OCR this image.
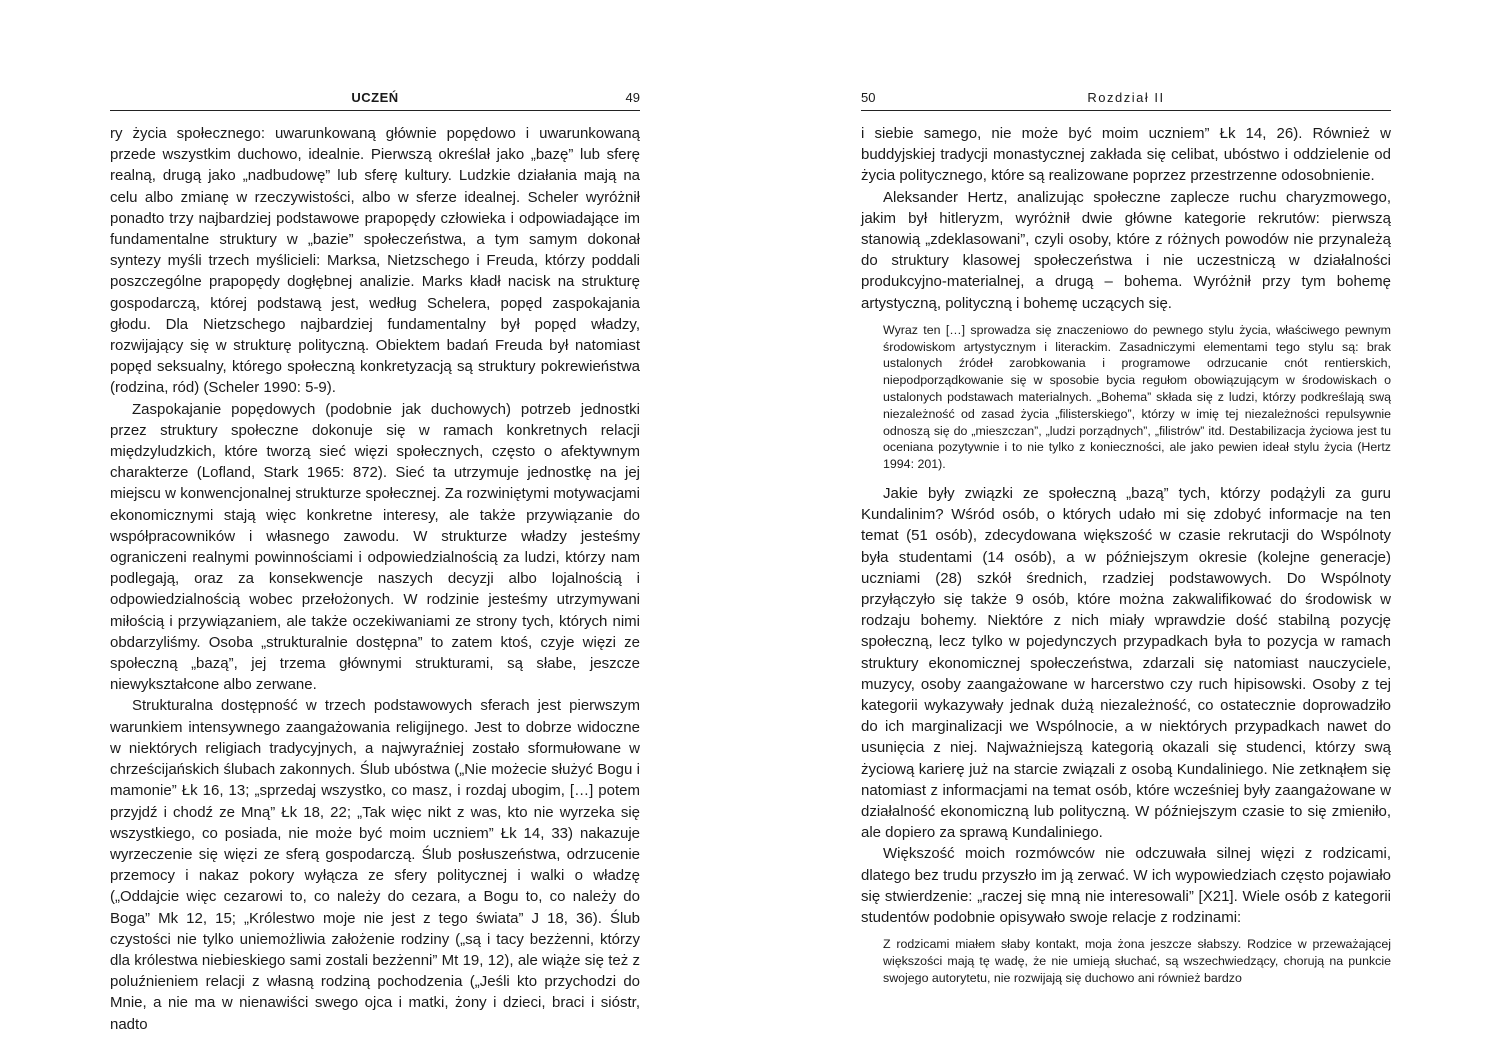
UCZEŃ	49

ry życia społecznego: uwarunkowaną głównie popędowo i uwarunkowaną przede wszystkim duchowo, idealnie. Pierwszą określał jako „bazę” lub sferę realną, drugą jako „nadbudowę” lub sferę kultury. Ludzkie działania mają na celu albo zmianę w rzeczywistości, albo w sferze idealnej. Scheler wyróżnił ponadto trzy najbardziej podstawowe prapopędy człowieka i odpowiadające im fundamentalne struktury w „bazie” społeczeństwa, a tym samym dokonał syntezy myśli trzech myślicieli: Marksa, Nietzschego i Freuda, którzy poddali poszczególne prapopędy dogłębnej analizie. Marks kładł nacisk na strukturę gospodarczą, której podstawą jest, według Schelera, popęd zaspokajania głodu. Dla Nietzschego najbardziej fundamentalny był popęd władzy, rozwijający się w strukturę polityczną. Obiektem badań Freuda był natomiast popęd seksualny, którego społeczną konkretyzacją są struktury pokrewieństwa (rodzina, ród) (Scheler 1990: 5-9).

Zaspokajanie popędowych (podobnie jak duchowych) potrzeb jednostki przez struktury społeczne dokonuje się w ramach konkretnych relacji międzyludzkich, które tworzą sieć więzi społecznych, często o afektywnym charakterze (Lofland, Stark 1965: 872). Sieć ta utrzymuje jednostkę na jej miejscu w konwencjonalnej strukturze społecznej. Za rozwiniętymi motywacjami ekonomicznymi stają więc konkretne interesy, ale także przywiązanie do współpracowników i własnego zawodu. W strukturze władzy jesteśmy ograniczeni realnymi powinnościami i odpowiedzialnością za ludzi, którzy nam podlegają, oraz za konsekwencje naszych decyzji albo lojalnością i odpowiedzialnością wobec przełożonych. W rodzinie jesteśmy utrzymywani miłością i przywiązaniem, ale także oczekiwaniami ze strony tych, których nimi obdarzyliśmy. Osoba „strukturalnie dostępna” to zatem ktoś, czyje więzi ze społeczną „bazą”, jej trzema głównymi strukturami, są słabe, jeszcze niewykształcone albo zerwane.

Strukturalna dostępność w trzech podstawowych sferach jest pierwszym warunkiem intensywnego zaangażowania religijnego. Jest to dobrze widoczne w niektórych religiach tradycyjnych, a najwyraźniej zostało sformułowane w chrześcijańskich ślubach zakonnych. Ślub ubóstwa („Nie możecie służyć Bogu i mamonie” Łk 16, 13; „sprzedaj wszystko, co masz, i rozdaj ubogim, […] potem przyjdź i chodź ze Mną” Łk 18, 22; „Tak więc nikt z was, kto nie wyrzeka się wszystkiego, co posiada, nie może być moim uczniem” Łk 14, 33) nakazuje wyrzeczenie się więzi ze sferą gospodarczą. Ślub posłuszeństwa, odrzucenie przemocy i nakaz pokory wyłącza ze sfery politycznej i walki o władzę („Oddajcie więc cezarowi to, co należy do cezara, a Bogu to, co należy do Boga” Mk 12, 15; „Królestwo moje nie jest z tego świata” J 18, 36). Ślub czystości nie tylko uniemożliwia założenie rodziny („są i tacy bezżenni, którzy dla królestwa niebieskiego sami zostali bezżenni” Mt 19, 12), ale wiąże się też z poluźnieniem relacji z własną rodziną pochodzenia („Jeśli kto przychodzi do Mnie, a nie ma w nienawiści swego ojca i matki, żony i dzieci, braci i sióstr, nadto

50	Rozdział II

i siebie samego, nie może być moim uczniem” Łk 14, 26). Również w buddyjskiej tradycji monastycznej zakłada się celibat, ubóstwo i oddzielenie od życia politycznego, które są realizowane poprzez przestrzenne odosobnienie.

Aleksander Hertz, analizując społeczne zaplecze ruchu charyzmowego, jakim był hitleryzm, wyróżnił dwie główne kategorie rekrutów: pierwszą stanowią „zdeklasowani”, czyli osoby, które z różnych powodów nie przynależą do struktury klasowej społeczeństwa i nie uczestniczą w działalności produkcyjno-materialnej, a drugą – bohema. Wyróżnił przy tym bohemę artystyczną, polityczną i bohemę uczących się.

Wyraz ten […] sprowadza się znaczeniowo do pewnego stylu życia, właściwego pewnym środowiskom artystycznym i literackim. Zasadniczymi elementami tego stylu są: brak ustalonych źródeł zarobkowania i programowe odrzucanie cnót rentierskich, niepodporządkowanie się w sposobie bycia regułom obowiązującym w środowiskach o ustalonych podstawach materialnych. „Bohema” składa się z ludzi, którzy podkreślają swą niezależność od zasad życia „filisterskiego”, którzy w imię tej niezależności repulsywnie odnoszą się do „mieszczan”, „ludzi porządnych”, „filistrów” itd. Destabilizacja życiowa jest tu oceniana pozytywnie i to nie tylko z konieczności, ale jako pewien ideał stylu życia (Hertz 1994: 201).

Jakie były związki ze społeczną „bazą” tych, którzy podążyli za guru Kundalinim? Wśród osób, o których udało mi się zdobyć informacje na ten temat (51 osób), zdecydowana większość w czasie rekrutacji do Wspólnoty była studentami (14 osób), a w późniejszym okresie (kolejne generacje) uczniami (28) szkół średnich, rzadziej podstawowych. Do Wspólnoty przyłączyło się także 9 osób, które można zakwalifikować do środowisk w rodzaju bohemy. Niektóre z nich miały wprawdzie dość stabilną pozycję społeczną, lecz tylko w pojedynczych przypadkach była to pozycja w ramach struktury ekonomicznej społeczeństwa, zdarzali się natomiast nauczyciele, muzycy, osoby zaangażowane w harcerstwo czy ruch hipisowski. Osoby z tej kategorii wykazywały jednak dużą niezależność, co ostatecznie doprowadziło do ich marginalizacji we Wspólnocie, a w niektórych przypadkach nawet do usunięcia z niej. Najważniejszą kategorią okazali się studenci, którzy swą życiową karierę już na starcie związali z osobą Kundaliniego. Nie zetknąłem się natomiast z informacjami na temat osób, które wcześniej były zaangażowane w działalność ekonomiczną lub polityczną. W późniejszym czasie to się zmieniło, ale dopiero za sprawą Kundaliniego.

Większość moich rozmówców nie odczuwała silnej więzi z rodzicami, dlatego bez trudu przyszło im ją zerwać. W ich wypowiedziach często pojawiało się stwierdzenie: „raczej się mną nie interesowali” [X21]. Wiele osób z kategorii studentów podobnie opisywało swoje relacje z rodzinami:

Z rodzicami miałem słaby kontakt, moja żona jeszcze słabszy. Rodzice w przeważającej większości mają tę wadę, że nie umieją słuchać, są wszechwiedzący, chorują na punkcie swojego autorytetu, nie rozwijają się duchowo ani również bardzo
